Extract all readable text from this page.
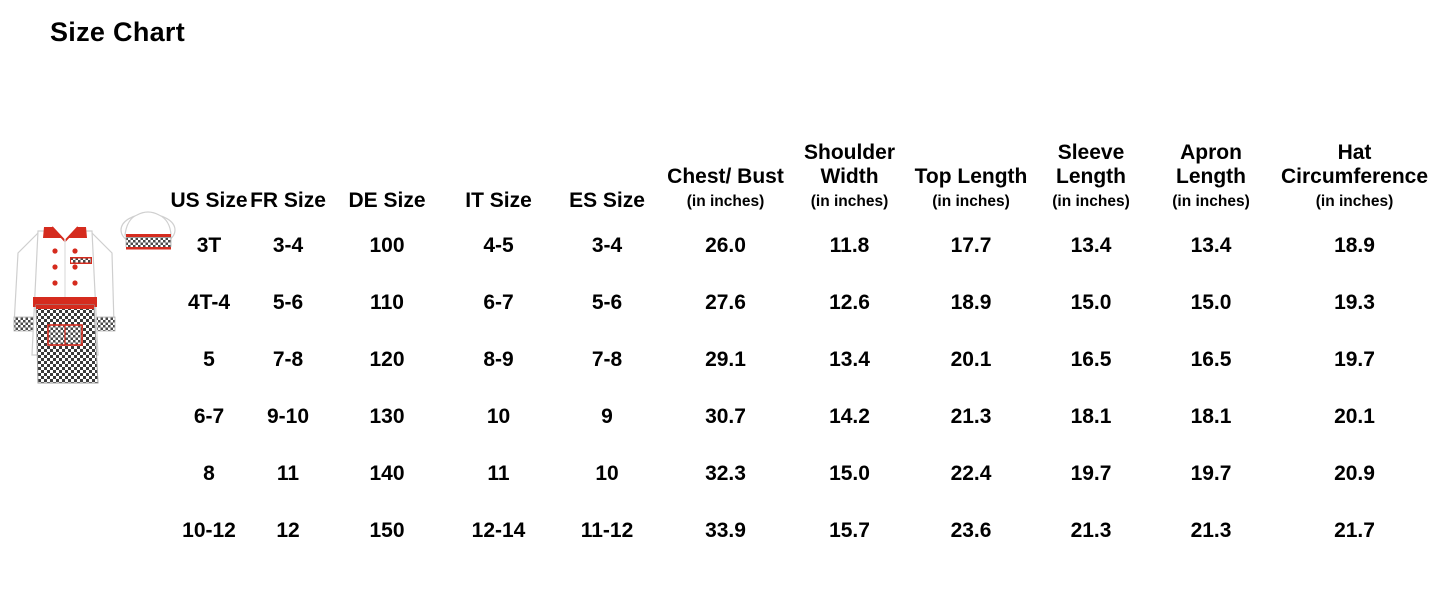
Size Chart
US Size	FR Size	DE Size	IT Size	ES Size	Chest/ Bust
(in inches)	Shoulder Width
(in inches)	Top Length
(in inches)	Sleeve Length
(in inches)	Apron Length
(in inches)	Hat Circumference
(in inches)

3T	3-4	100	4-5	3-4	26.0	11.8	17.7	13.4	13.4	18.9
4T-4	5-6	110	6-7	5-6	27.6	12.6	18.9	15.0	15.0	19.3
5	7-8	120	8-9	7-8	29.1	13.4	20.1	16.5	16.5	19.7
6-7	9-10	130	10	9	30.7	14.2	21.3	18.1	18.1	20.1
8	11	140	11	10	32.3	15.0	22.4	19.7	19.7	20.9
10-12	12	150	12-14	11-12	33.9	15.7	23.6	21.3	21.3	21.7
